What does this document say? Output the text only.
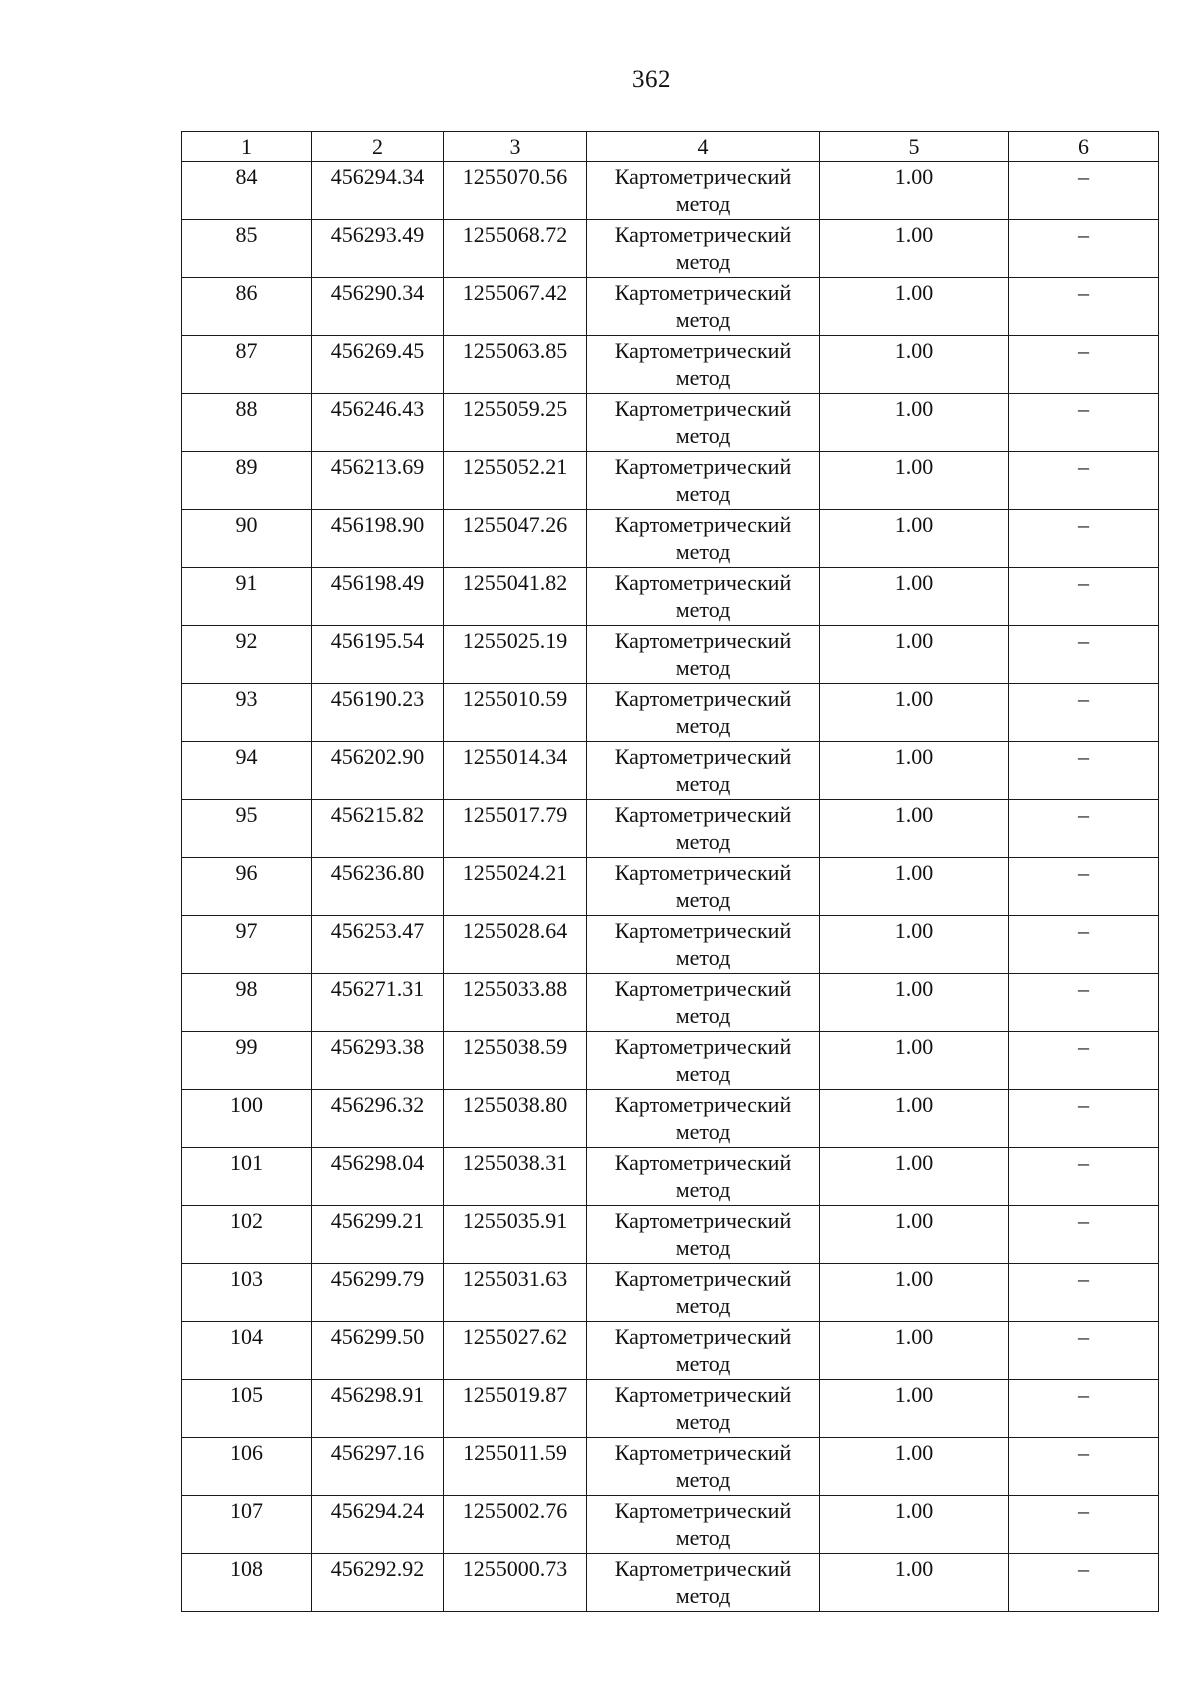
362
1	2	3	4	5	6
84	456294.34	1255070.56	Картометрический метод	1.00	–
85	456293.49	1255068.72	Картометрический метод	1.00	–
86	456290.34	1255067.42	Картометрический метод	1.00	–
87	456269.45	1255063.85	Картометрический метод	1.00	–
88	456246.43	1255059.25	Картометрический метод	1.00	–
89	456213.69	1255052.21	Картометрический метод	1.00	–
90	456198.90	1255047.26	Картометрический метод	1.00	–
91	456198.49	1255041.82	Картометрический метод	1.00	–
92	456195.54	1255025.19	Картометрический метод	1.00	–
93	456190.23	1255010.59	Картометрический метод	1.00	–
94	456202.90	1255014.34	Картометрический метод	1.00	–
95	456215.82	1255017.79	Картометрический метод	1.00	–
96	456236.80	1255024.21	Картометрический метод	1.00	–
97	456253.47	1255028.64	Картометрический метод	1.00	–
98	456271.31	1255033.88	Картометрический метод	1.00	–
99	456293.38	1255038.59	Картометрический метод	1.00	–
100	456296.32	1255038.80	Картометрический метод	1.00	–
101	456298.04	1255038.31	Картометрический метод	1.00	–
102	456299.21	1255035.91	Картометрический метод	1.00	–
103	456299.79	1255031.63	Картометрический метод	1.00	–
104	456299.50	1255027.62	Картометрический метод	1.00	–
105	456298.91	1255019.87	Картометрический метод	1.00	–
106	456297.16	1255011.59	Картометрический метод	1.00	–
107	456294.24	1255002.76	Картометрический метод	1.00	–
108	456292.92	1255000.73	Картометрический метод	1.00	–
